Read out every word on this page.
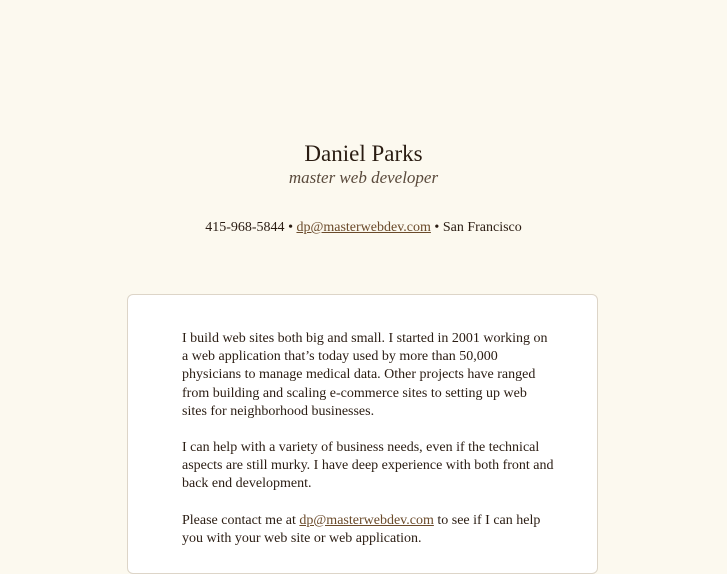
Daniel Parks

master web developer

415-968-5844 • dp@masterwebdev.com • San Francisco

I build web sites both big and small. I started in 2001 working on a web application that’s today used by more than 50,000 physicians to manage medical data. Other projects have ranged from building and scaling e-commerce sites to setting up web sites for neighborhood businesses.

I can help with a variety of business needs, even if the technical aspects are still murky. I have deep experience with both front and back end development.

Please contact me at dp@masterwebdev.com to see if I can help you with your web site or web application.
